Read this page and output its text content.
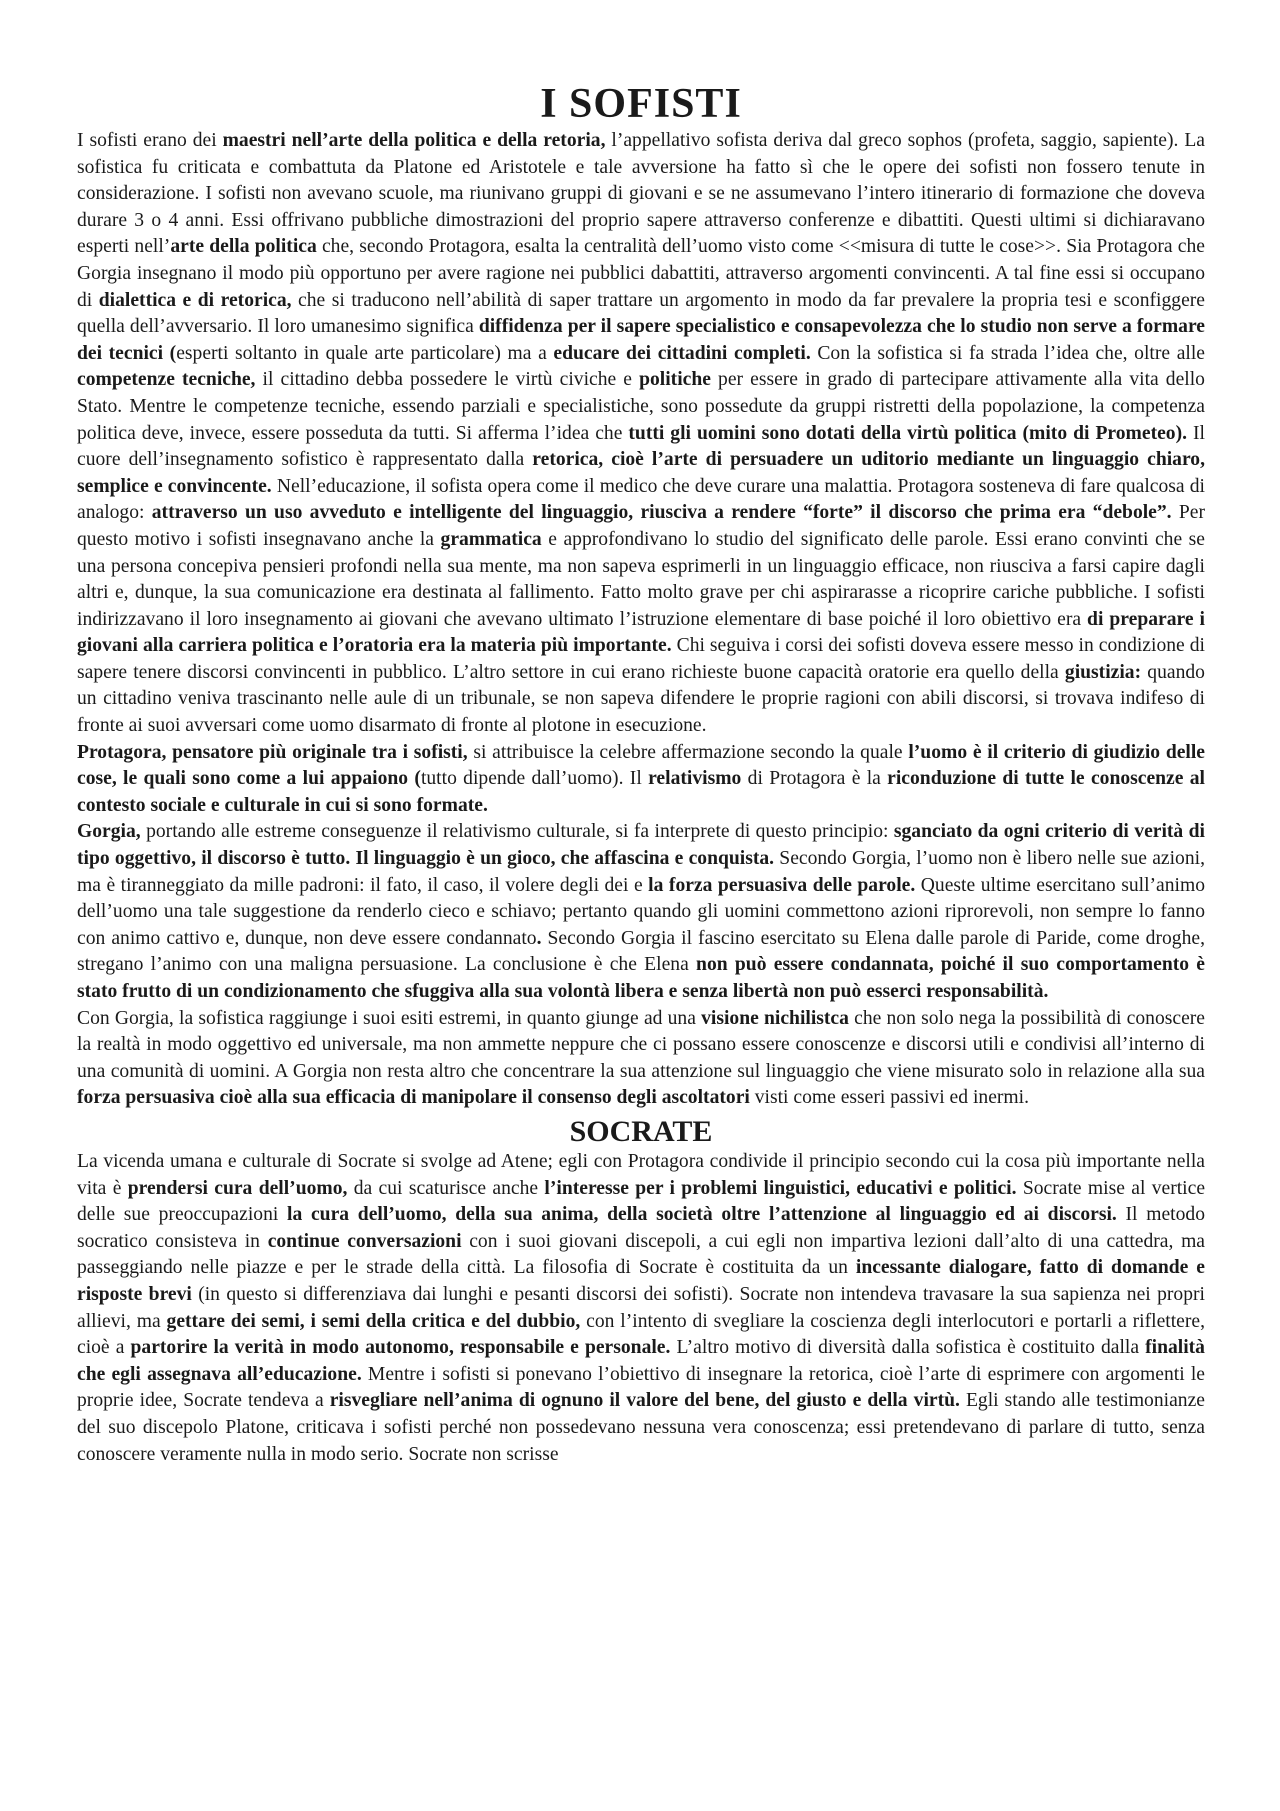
I SOFISTI

I sofisti erano dei maestri nell’arte della politica e della retoria, l’appellativo sofista deriva dal greco sophos (profeta, saggio, sapiente). La sofistica fu criticata e combattuta da Platone ed Aristotele e tale avversione ha fatto sì che le opere dei sofisti non fossero tenute in considerazione. I sofisti non avevano scuole, ma riunivano gruppi di giovani e se ne assumevano l’intero itinerario di formazione che doveva durare 3 o 4 anni. Essi offrivano pubbliche dimostrazioni del proprio sapere attraverso conferenze e dibattiti. Questi ultimi si dichiaravano esperti nell’arte della politica che, secondo Protagora, esalta la centralità dell’uomo visto come <<misura di tutte le cose>>. Sia Protagora che Gorgia insegnano il modo più opportuno per avere ragione nei pubblici dabattiti, attraverso argomenti convincenti. A tal fine essi si occupano di dialettica e di retorica, che si traducono nell’abilità di saper trattare un argomento in modo da far prevalere la propria tesi e sconfiggere quella dell’avversario. Il loro umanesimo significa diffidenza per il sapere specialistico e consapevolezza che lo studio non serve a formare dei tecnici (esperti soltanto in quale arte particolare) ma a educare dei cittadini completi. Con la sofistica si fa strada l’idea che, oltre alle competenze tecniche, il cittadino debba possedere le virtù civiche e politiche per essere in grado di partecipare attivamente alla vita dello Stato. Mentre le competenze tecniche, essendo parziali e specialistiche, sono possedute da gruppi ristretti della popolazione, la competenza politica deve, invece, essere posseduta da tutti. Si afferma l’idea che tutti gli uomini sono dotati della virtù politica (mito di Prometeo). Il cuore dell’insegnamento sofistico è rappresentato dalla retorica, cioè l’arte di persuadere un uditorio mediante un linguaggio chiaro, semplice e convincente. Nell’educazione, il sofista opera come il medico che deve curare una malattia. Protagora sosteneva di fare qualcosa di analogo: attraverso un uso avveduto e intelligente del linguaggio, riusciva a rendere “forte” il discorso che prima era “debole”. Per questo motivo i sofisti insegnavano anche la grammatica e approfondivano lo studio del significato delle parole. Essi erano convinti che se una persona concepiva pensieri profondi nella sua mente, ma non sapeva esprimerli in un linguaggio efficace, non riusciva a farsi capire dagli altri e, dunque, la sua comunicazione era destinata al fallimento. Fatto molto grave per chi aspirarasse a ricoprire cariche pubbliche. I sofisti indirizzavano il loro insegnamento ai giovani che avevano ultimato l’istruzione elementare di base poiché il loro obiettivo era di preparare i giovani alla carriera politica e l’oratoria era la materia più importante. Chi seguiva i corsi dei sofisti doveva essere messo in condizione di sapere tenere discorsi convincenti in pubblico. L’altro settore in cui erano richieste buone capacità oratorie era quello della giustizia: quando un cittadino veniva trascinanto nelle aule di un tribunale, se non sapeva difendere le proprie ragioni con abili discorsi, si trovava indifeso di fronte ai suoi avversari come uomo disarmato di fronte al plotone in esecuzione.

Protagora, pensatore più originale tra i sofisti, si attribuisce la celebre affermazione secondo la quale l’uomo è il criterio di giudizio delle cose, le quali sono come a lui appaiono (tutto dipende dall’uomo). Il relativismo di Protagora è la riconduzione di tutte le conoscenze al contesto sociale e culturale in cui si sono formate.

Gorgia, portando alle estreme conseguenze il relativismo culturale, si fa interprete di questo principio: sganciato da ogni criterio di verità di tipo oggettivo, il discorso è tutto. Il linguaggio è un gioco, che affascina e conquista. Secondo Gorgia, l’uomo non è libero nelle sue azioni, ma è tiranneggiato da mille padroni: il fato, il caso, il volere degli dei e la forza persuasiva delle parole. Queste ultime esercitano sull’animo dell’uomo una tale suggestione da renderlo cieco e schiavo; pertanto quando gli uomini commettono azioni riprorevoli, non sempre lo fanno con animo cattivo e, dunque, non deve essere condannato. Secondo Gorgia il fascino esercitato su Elena dalle parole di Paride, come droghe, stregano l’animo con una maligna persuasione. La conclusione è che Elena non può essere condannata, poiché il suo comportamento è stato frutto di un condizionamento che sfuggiva alla sua volontà libera e senza libertà non può esserci responsabilità.

Con Gorgia, la sofistica raggiunge i suoi esiti estremi, in quanto giunge ad una visione nichilistca che non solo nega la possibilità di conoscere la realtà in modo oggettivo ed universale, ma non ammette neppure che ci possano essere conoscenze e discorsi utili e condivisi all’interno di una comunità di uomini. A Gorgia non resta altro che concentrare la sua attenzione sul linguaggio che viene misurato solo in relazione alla sua forza persuasiva cioè alla sua efficacia di manipolare il consenso degli ascoltatori visti come esseri passivi ed inermi.

SOCRATE

La vicenda umana e culturale di Socrate si svolge ad Atene; egli con Protagora condivide il principio secondo cui la cosa più importante nella vita è prendersi cura dell’uomo, da cui scaturisce anche l’interesse per i problemi linguistici, educativi e politici. Socrate mise al vertice delle sue preoccupazioni la cura dell’uomo, della sua anima, della società oltre l’attenzione al linguaggio ed ai discorsi. Il metodo socratico consisteva in continue conversazioni con i suoi giovani discepoli, a cui egli non impartiva lezioni dall’alto di una cattedra, ma passeggiando nelle piazze e per le strade della città. La filosofia di Socrate è costituita da un incessante dialogare, fatto di domande e risposte brevi (in questo si differenziava dai lunghi e pesanti discorsi dei sofisti). Socrate non intendeva travasare la sua sapienza nei propri allievi, ma gettare dei semi, i semi della critica e del dubbio, con l’intento di svegliare la coscienza degli interlocutori e portarli a riflettere, cioè a partorire la verità in modo autonomo, responsabile e personale. L’altro motivo di diversità dalla sofistica è costituito dalla finalità che egli assegnava all’educazione. Mentre i sofisti si ponevano l’obiettivo di insegnare la retorica, cioè l’arte di esprimere con argomenti le proprie idee, Socrate tendeva a risvegliare nell’anima di ognuno il valore del bene, del giusto e della virtù. Egli stando alle testimonianze del suo discepolo Platone, criticava i sofisti perché non possedevano nessuna vera conoscenza; essi pretendevano di parlare di tutto, senza conoscere veramente nulla in modo serio. Socrate non scrisse
